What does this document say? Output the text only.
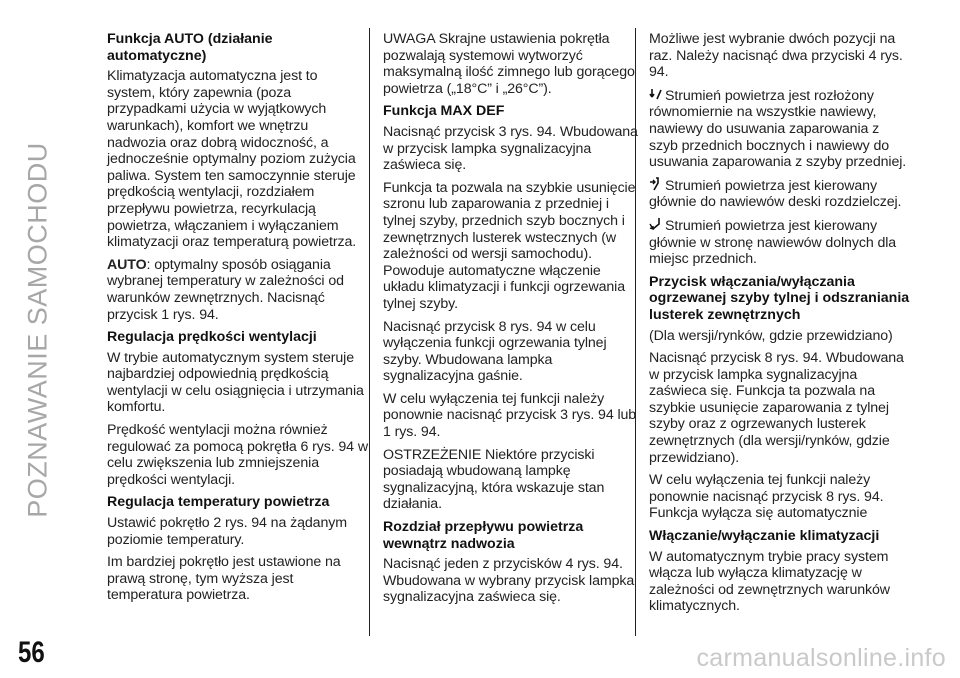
POZNAWANIE SAMOCHODU
Funkcja AUTO (działanie automatyczne)

Klimatyzacja automatyczna jest to system, który zapewnia (poza przypadkami użycia w wyjątkowych warunkach), komfort we wnętrzu nadwozia oraz dobrą widoczność, a jednocześnie optymalny poziom zużycia paliwa. System ten samoczynnie steruje prędkością wentylacji, rozdziałem przepływu powietrza, recyrkulacją powietrza, włączaniem i wyłączaniem klimatyzacji oraz temperaturą powietrza.

AUTO: optymalny sposób osiągania wybranej temperatury w zależności od warunków zewnętrznych. Nacisnąć przycisk 1 rys. 94.

Regulacja prędkości wentylacji

W trybie automatycznym system steruje najbardziej odpowiednią prędkością wentylacji w celu osiągnięcia i utrzymania komfortu.

Prędkość wentylacji można również regulować za pomocą pokrętła 6 rys. 94 w celu zwiększenia lub zmniejszenia prędkości wentylacji.

Regulacja temperatury powietrza

Ustawić pokrętło 2 rys. 94 na żądanym poziomie temperatury.

Im bardziej pokrętło jest ustawione na prawą stronę, tym wyższa jest temperatura powietrza.

UWAGA Skrajne ustawienia pokrętła pozwalają systemowi wytworzyć maksymalną ilość zimnego lub gorącego powietrza („18°C” i „26°C”).

Funkcja MAX DEF

Nacisnąć przycisk 3 rys. 94. Wbudowana w przycisk lampka sygnalizacyjna zaświeca się.

Funkcja ta pozwala na szybkie usunięcie szronu lub zaparowania z przedniej i tylnej szyby, przednich szyb bocznych i zewnętrznych lusterek wstecznych (w zależności od wersji samochodu). Powoduje automatyczne włączenie układu klimatyzacji i funkcji ogrzewania tylnej szyby.

Nacisnąć przycisk 8 rys. 94 w celu wyłączenia funkcji ogrzewania tylnej szyby. Wbudowana lampka sygnalizacyjna gaśnie.

W celu wyłączenia tej funkcji należy ponownie nacisnąć przycisk 3 rys. 94 lub 1 rys. 94.

OSTRZEŻENIE Niektóre przyciski posiadają wbudowaną lampkę sygnalizacyjną, która wskazuje stan działania.

Rozdział przepływu powietrza wewnątrz nadwozia

Nacisnąć jeden z przycisków 4 rys. 94. Wbudowana w wybrany przycisk lampka sygnalizacyjna zaświeca się.

Możliwe jest wybranie dwóch pozycji na raz. Należy nacisnąć dwa przyciski 4 rys. 94.

Strumień powietrza jest rozłożony równomiernie na wszystkie nawiewy, nawiewy do usuwania zaparowania z szyb przednich bocznych i nawiewy do usuwania zaparowania z szyby przedniej.

Strumień powietrza jest kierowany głównie do nawiewów deski rozdzielczej.

Strumień powietrza jest kierowany głównie w stronę nawiewów dolnych dla miejsc przednich.

Przycisk włączania/wyłączania ogrzewanej szyby tylnej i odszraniania lusterek zewnętrznych

(Dla wersji/rynków, gdzie przewidziano)

Nacisnąć przycisk 8 rys. 94. Wbudowana w przycisk lampka sygnalizacyjna zaświeca się. Funkcja ta pozwala na szybkie usunięcie zaparowania z tylnej szyby oraz z ogrzewanych lusterek zewnętrznych (dla wersji/rynków, gdzie przewidziano).

W celu wyłączenia tej funkcji należy ponownie nacisnąć przycisk 8 rys. 94. Funkcja wyłącza się automatycznie

Włączanie/wyłączanie klimatyzacji

W automatycznym trybie pracy system włącza lub wyłącza klimatyzację w zależności od zewnętrznych warunków klimatycznych.

56	carmanualsonline.info
